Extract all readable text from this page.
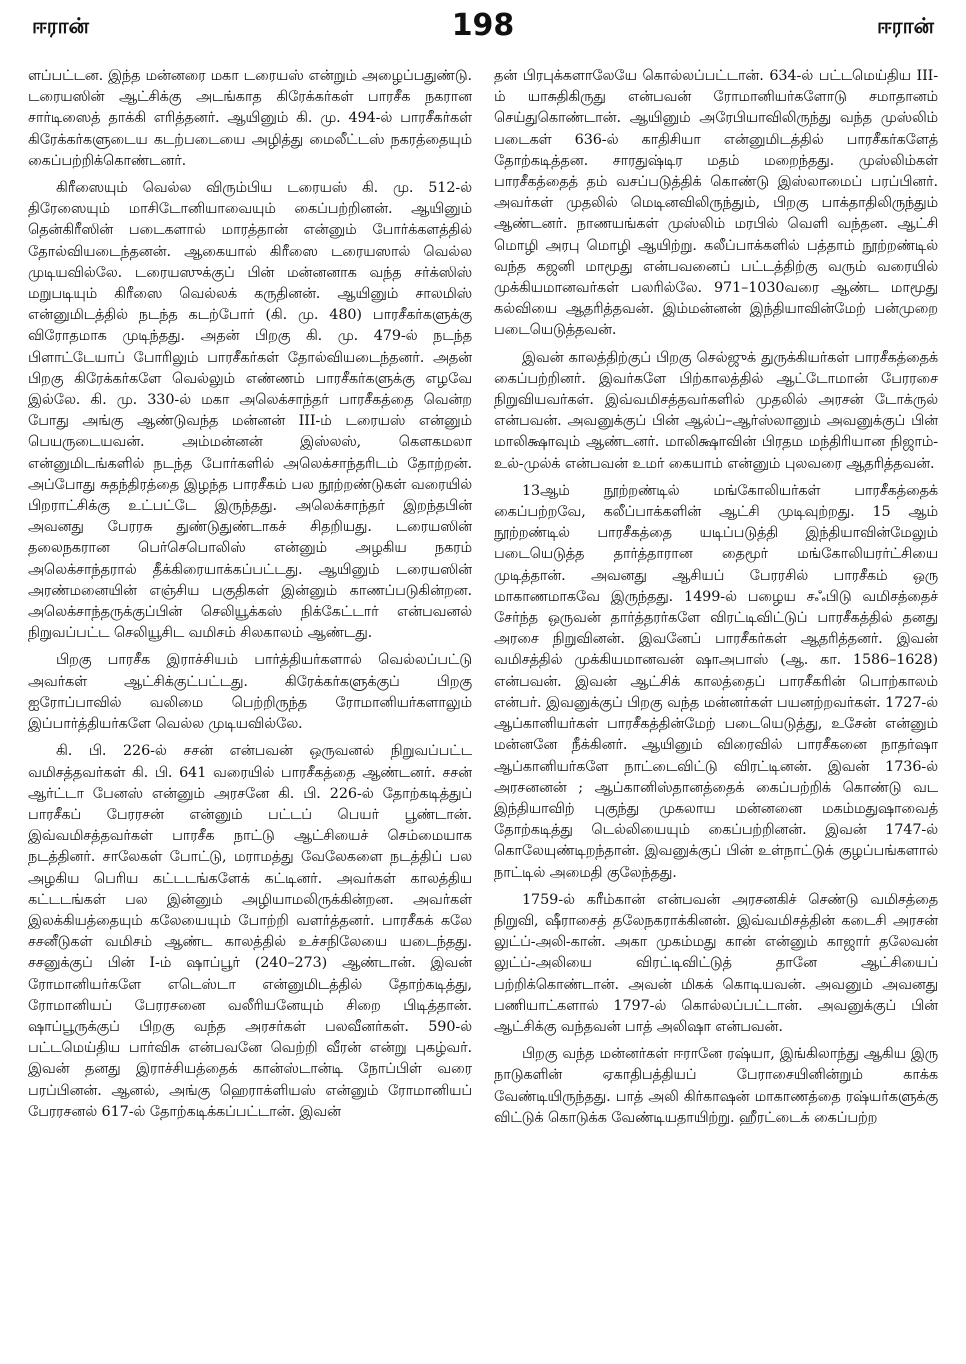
ஈரான்	198	ஈரான்

ளப்பட்டன. இந்த மன்னரை மகா டரையஸ் என்றும் அழைப்பதுண்டு. டரையஸின் ஆட்சிக்கு அடங்காத கிரேக்கர்கள் பாரசீக நகரான சார்டிஸைத் தாக்கி எரித்தனர். ஆயினும் கி. மு. 494-ல் பாரசீகர்கள் கிரேக்கர்களுடைய கடற்படையை அழித்து மைலீட்டஸ் நகரத்தையும் கைப்பற்றிக்கொண்டனர்.

கிரீஸையும் வெல்ல விரும்பிய டரையஸ் கி. மு. 512-ல் திரேஸையும் மாசிடோனியாவையும் கைப்பற்றினன். ஆயினும் தென்கிரீஸின் படைகளால் மாரத்தான் என்னும் போர்க்களத்தில் தோல்வியடைந்தனன். ஆகையால் கிரீஸை டரையஸால் வெல்ல முடியவில்லே. டரையஸுக்குப் பின் மன்னனாக வந்த சர்க்ஸிஸ் மறுபடியும் கிரீஸை வெல்லக் கருதினன். ஆயினும் சாலமிஸ் என்னுமிடத்தில் நடந்த கடற்போர் (கி. மு. 480) பாரசீகர்களுக்கு விரோதமாக முடிந்தது. அதன் பிறகு கி. மு. 479-ல் நடந்த பிளாட்டேயாப் போரிலும் பாரசீகர்கள் தோல்வியடைந்தனர். அதன் பிறகு கிரேக்கர்களே வெல்லும் எண்ணம் பாரசீகர்களுக்கு எழவே இல்லே. கி. மு. 330-ல் மகா அலெக்சாந்தர் பாரசீகத்தை வென்ற போது அங்கு ஆண்டுவந்த மன்னன் III-ம் டரையஸ் என்னும் பெயருடையவன். அம்மன்னன் இஸ்லஸ், கௌகமலா என்னுமிடங்களில் நடந்த போர்களில் அலெக்சாந்தரிடம் தோற்றன். அப்போது சுதந்திரத்தை இழந்த பாரசீகம் பல நூற்றண்டுகள் வரையில் பிறராட்சிக்கு உட்பட்டே இருந்தது. அலெக்சாந்தர் இறந்தபின் அவனது பேரரசு துண்டுதுண்டாகச் சிதறியது. டரையஸின் தலைநகரான பெர்செபொலிஸ் என்னும் அழகிய நகரம் அலெக்சாந்தரால் தீக்கிரையாக்கப்பட்டது. ஆயினும் டரையஸின் அரண்மனையின் எஞ்சிய பகுதிகள் இன்னும் காணப்படுகின்றன. அலெக்சாந்தருக்குப்பின் செலியூக்கஸ் நிக்கேட்டார் என்பவனல் நிறுவப்பட்ட செலியூசிட வமிசம் சிலகாலம் ஆண்டது.

பிறகு பாரசீக இராச்சியம் பார்த்தியர்களால் வெல்லப்பட்டு அவர்கள் ஆட்சிக்குட்பட்டது. கிரேக்கர்களுக்குப் பிறகு ஐரோப்பாவில் வலிமை பெற்றிருந்த ரோமானியர்களாலும் இப்பார்த்தியர்களே வெல்ல முடியவில்லே.

கி. பி. 226-ல் சசன் என்பவன் ஒருவனல் நிறுவப்பட்ட வமிசத்தவர்கள் கி. பி. 641 வரையில் பாரசீகத்தை ஆண்டனர். சசன் ஆர்ட்டா பேனஸ் என்னும் அரசனே கி. பி. 226-ல் தோற்கடித்துப் பாரசீகப் பேரரசன் என்னும் பட்டப் பெயர் பூண்டான். இவ்வமிசத்தவர்கள் பாரசீக நாட்டு ஆட்சியைச் செம்மையாக நடத்தினர். சாலேகள் போட்டு, மராமத்து வேலேகளை நடத்திப் பல அழகிய பெரிய கட்டடங்களேக் கட்டினர். அவர்கள் காலத்திய கட்டடங்கள் பல இன்னும் அழியாமலிருக்கின்றன. அவர்கள் இலக்கியத்தையும் கலேயையும் போற்றி வளர்த்தனர். பாரசீகக் கலே சசனீடுகள் வமிசம் ஆண்ட காலத்தில் உச்சநிலேயை யடைந்தது. சசனுக்குப் பின் I-ம் ஷாப்பூர் (240–273) ஆண்டான். இவன் ரோமானியர்களே எடெஸ்டா என்னுமிடத்தில் தோற்கடித்து, ரோமானியப் பேரரசனை வலீரியனேயும் சிறை பிடித்தான். ஷாப்பூருக்குப் பிறகு வந்த அரசர்கள் பலவீனர்கள். 590-ல் பட்டமெய்திய பார்விசு என்பவனே வெற்றி வீரன் என்று புகழ்வர். இவன் தனது இராச்சியத்தைக் கான்ஸ்டான்டி நோப்பிள் வரை பரப்பினன். ஆனல், அங்கு ஹெராக்ளியஸ் என்னும் ரோமானியப் பேரரசனல் 617-ல் தோற்கடிக்கப்பட்டான். இவன்

தன் பிரபுக்களாலேயே கொல்லப்பட்டான். 634-ல் பட்டமெய்திய III-ம் யாசுதிகிருது என்பவன் ரோமானியர்களோடு சமாதானம் செய்துகொண்டான். ஆயினும் அரேபியாவிலிருந்து வந்த முஸ்லிம் படைகள் 636-ல் காதிசியா என்னுமிடத்தில் பாரசீகர்களேத் தோற்கடித்தன. சாரதுஷ்டிர மதம் மறைந்தது. முஸ்லிம்கள் பாரசீகத்தைத் தம் வசப்படுத்திக் கொண்டு இஸ்லாமைப் பரப்பினர். அவர்கள் முதலில் மெடினவிலிருந்தும், பிறகு பாக்தாதிலிருந்தும் ஆண்டனர். நாணயங்கள் முஸ்லிம் மரபில் வெளி வந்தன. ஆட்சி மொழி அரபு மொழி ஆயிற்று. கலீப்பாக்களில் பத்தாம் நூற்றண்டில் வந்த கஜனி மாமூது என்பவனைப் பட்டத்திற்கு வரும் வரையில் முக்கியமானவர்கள் பலரில்லே. 971–1030வரை ஆண்ட மாமூது கல்வியை ஆதரித்தவன். இம்மன்னன் இந்தியாவின்மேற் பன்முறை படையெடுத்தவன்.

இவன் காலத்திற்குப் பிறகு செல்ஜுக் துருக்கியர்கள் பாரசீகத்தைக் கைப்பற்றினர். இவர்களே பிற்காலத்தில் ஆட்டோமான் பேரரசை நிறுவியவர்கள். இவ்வமிசத்தவர்களில் முதலில் அரசன் டோக்ருல் என்பவன். அவனுக்குப் பின் ஆல்ப்–ஆர்ஸ்லானும் அவனுக்குப் பின் மாலிக்ஷாவும் ஆண்டனர். மாலிக்ஷாவின் பிரதம மந்திரியான நிஜாம்-உல்-முல்க் என்பவன் உமர் கையாம் என்னும் புலவரை ஆதரித்தவன்.

13ஆம் நூற்றண்டில் மங்கோலியர்கள் பாரசீகத்தைக் கைப்பற்றவே, கலீப்பாக்களின் ஆட்சி முடிவுற்றது. 15 ஆம் நூற்றண்டில் பாரசீகத்தை யடிப்படுத்தி இந்தியாவின்மேலும் படையெடுத்த தார்த்தாரான தைமூர் மங்கோலியரர்ட்சியை முடித்தான். அவனது ஆசியப் பேரரசில் பாரசீகம் ஒரு மாகாணமாகவே இருந்தது. 1499-ல் பழைய சஃபிடு வமிசத்தைச் சேர்ந்த ஒருவன் தார்த்தரர்களே விரட்டிவிட்டுப் பாரசீகத்தில் தனது அரசை நிறுவினன். இவனேப் பாரசீகர்கள் ஆதரித்தனர். இவன் வமிசத்தில் முக்கியமானவன் ஷாஅபாஸ் (ஆ. கா. 1586–1628) என்பவன். இவன் ஆட்சிக் காலத்தைப் பாரசீகரின் பொற்காலம் என்பர். இவனுக்குப் பிறகு வந்த மன்னர்கள் பயனற்றவர்கள். 1727-ல் ஆப்கானியர்கள் பாரசீகத்தின்மேற் படையெடுத்து, உசேன் என்னும் மன்னனே நீக்கினர். ஆயினும் விரைவில் பாரசீகனை நாதர்ஷா ஆப்கானியர்களே நாட்டைவிட்டு விரட்டினன். இவன் 1736-ல் அரசனனன் ; ஆப்கானிஸ்தானத்தைக் கைப்பற்றிக் கொண்டு வட இந்தியாவிற் புகுந்து முகலாய மன்னனை மகம்மதுஷாவைத் தோற்கடித்து டெல்லியையும் கைப்பற்றினன். இவன் 1747-ல் கொலேயுண்டிறந்தான். இவனுக்குப் பின் உள்நாட்டுக் குழப்பங்களால் நாட்டில் அமைதி குலேந்தது.

1759-ல் கரீம்கான் என்பவன் அரசனகிச் செண்டு வமிசத்தை நிறுவி, ஷீராசைத் தலேநகராக்கினன். இவ்வமிசத்தின் கடைசி அரசன் லுட்ப்-அலி-கான். அகா முகம்மது கான் என்னும் காஜார் தலேவன் லுட்ப்-அலியை விரட்டிவிட்டுத் தானே ஆட்சியைப் பற்றிக்கொண்டான். அவன் மிகக் கொடியவன். அவனும் அவனது பணியாட்களால் 1797-ல் கொல்லப்பட்டான். அவனுக்குப் பின் ஆட்சிக்கு வந்தவன் பாத் அலிஷா என்பவன்.

பிறகு வந்த மன்னர்கள் ஈரானே ரஷ்யா, இங்கிலாந்து ஆகிய இரு நாடுகளின் ஏகாதிபத்தியப் பேராசையினின்றும் காக்க வேண்டியிருந்தது. பாத் அலி கிர்காஷன் மாகாணத்தை ரஷ்யர்களுக்கு விட்டுக் கொடுக்க வேண்டியதாயிற்று. ஹீரட்டைக் கைப்பற்ற
